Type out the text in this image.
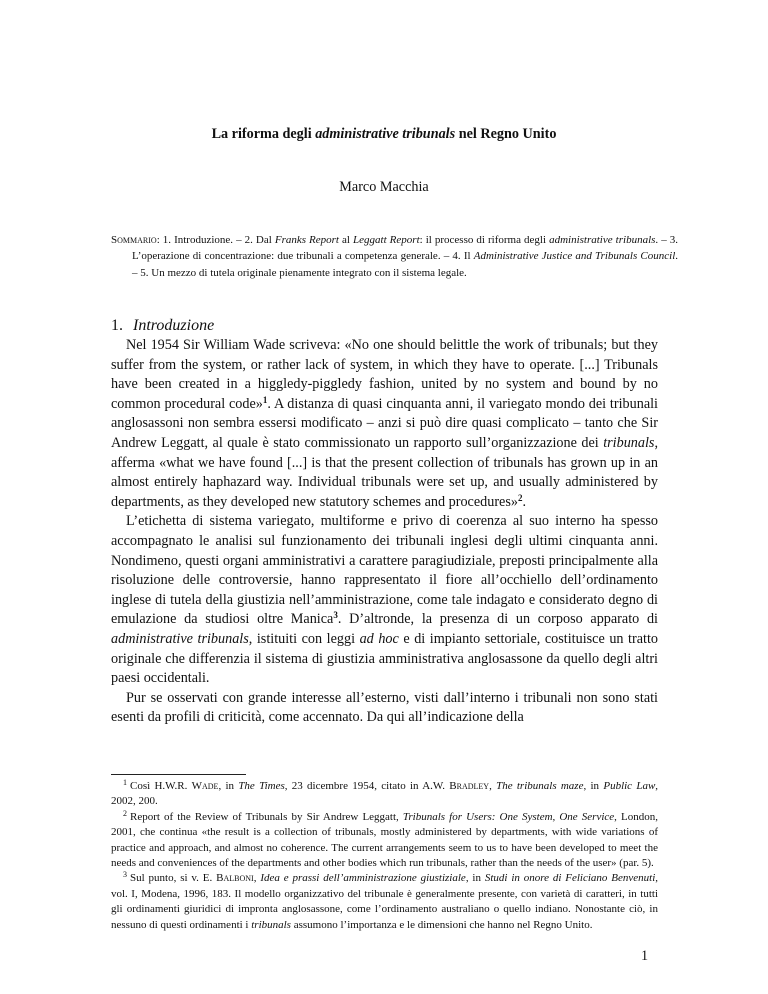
La riforma degli administrative tribunals nel Regno Unito
Marco Macchia
Sommario: 1. Introduzione. – 2. Dal Franks Report al Leggatt Report: il processo di riforma degli administrative tribunals. – 3. L’operazione di concentrazione: due tribunali a competenza generale. – 4. Il Administrative Justice and Tribunals Council. – 5. Un mezzo di tutela originale pienamente integrato con il sistema legale.
1. Introduzione

Nel 1954 Sir William Wade scriveva: «No one should belittle the work of tribunals; but they suffer from the system, or rather lack of system, in which they have to operate. [...] Tribunals have been created in a higgledy-piggledy fashion, united by no system and bound by no common procedural code»$^1$. A distanza di quasi cinquanta anni, il variegato mondo dei tribunali anglosassoni non sembra essersi modificato – anzi si può dire quasi complicato – tanto che Sir Andrew Leggatt, al quale è stato commissionato un rapporto sull’organizzazione dei tribunals, afferma «what we have found [...] is that the present collection of tribunals has grown up in an almost entirely haphazard way. Individual tribunals were set up, and usually administered by departments, as they developed new statutory schemes and procedures»$^2$.

L’etichetta di sistema variegato, multiforme e privo di coerenza al suo interno ha spesso accompagnato le analisi sul funzionamento dei tribunali inglesi degli ultimi cinquanta anni. Nondimeno, questi organi amministrativi a carattere paragiudiziale, preposti principalmente alla risoluzione delle controversie, hanno rappresentato il fiore all’occhiello dell’ordinamento inglese di tutela della giustizia nell’amministrazione, come tale indagato e considerato degno di emulazione da studiosi oltre Manica$^3$. D’altronde, la presenza di un corposo apparato di administrative tribunals, istituiti con leggi ad hoc e di impianto settoriale, costituisce un tratto originale che differenzia il sistema di giustizia amministrativa anglosassone da quello degli altri paesi occidentali.

Pur se osservati con grande interesse all’esterno, visti dall’interno i tribunali non sono stati esenti da profili di criticità, come accennato. Da qui all’indicazione della

$^1$ Così H.W.R. Wade, in The Times, 23 dicembre 1954, citato in A.W. Bradley, The tribunals maze, in Public Law, 2002, 200.

$^2$ Report of the Review of Tribunals by Sir Andrew Leggatt, Tribunals for Users: One System, One Service, London, 2001, che continua «the result is a collection of tribunals, mostly administered by departments, with wide variations of practice and approach, and almost no coherence. The current arrangements seem to us to have been developed to meet the needs and conveniences of the departments and other bodies which run tribunals, rather than the needs of the user» (par. 5).

$^3$ Sul punto, si v. E. Balboni, Idea e prassi dell’amministrazione giustiziale, in Studi in onore di Feliciano Benvenuti, vol. I, Modena, 1996, 183. Il modello organizzativo del tribunale è generalmente presente, con varietà di caratteri, in tutti gli ordinamenti giuridici di impronta anglosassone, come l’ordinamento australiano o quello indiano. Nonostante ciò, in nessuno di questi ordinamenti i tribunals assumono l’importanza e le dimensioni che hanno nel Regno Unito.

1
